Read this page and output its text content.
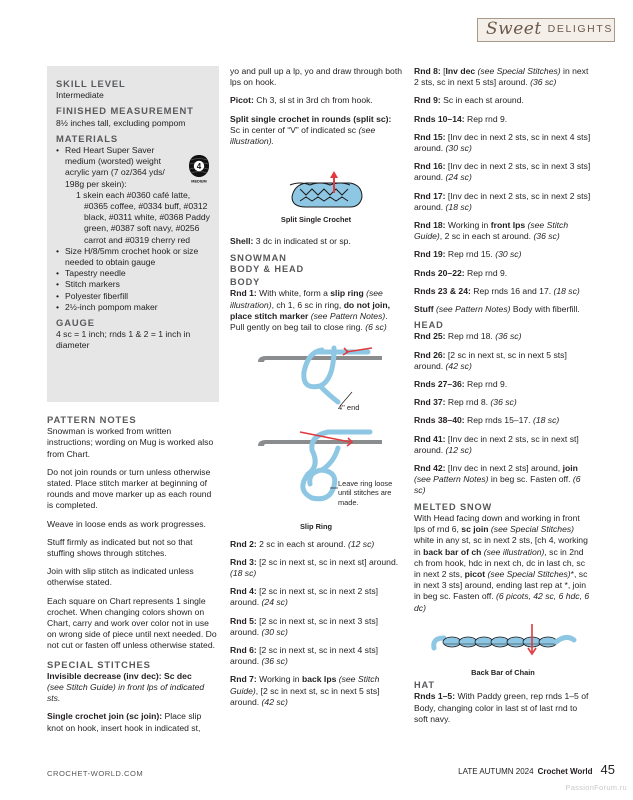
Sweet DELIGHTS
SKILL LEVEL
Intermediate
FINISHED MEASUREMENT
8½ inches tall, excluding pompom
MATERIALS
4
MEDIUM
• Red Heart Super Saver medium (worsted) weight acrylic yarn (7 oz/364 yds/ 198g per skein):
1 skein each #0360 café latte, #0365 coffee, #0334 buff, #0312 black, #0311 white, #0368 Paddy green, #0387 soft navy, #0256 carrot and #0319 cherry red
• Size H/8/5mm crochet hook or size needed to obtain gauge
• Tapestry needle
• Stitch markers
• Polyester fiberfill
• 2½-inch pompom maker
GAUGE
4 sc = 1 inch; rnds 1 & 2 = 1 inch in diameter
PATTERN NOTES

Snowman is worked from written instructions; wording on Mug is worked also from Chart.

Do not join rounds or turn unless otherwise stated. Place stitch marker at beginning of rounds and move marker up as each round is completed.

Weave in loose ends as work progresses.

Stuff firmly as indicated but not so that stuffing shows through stitches.

Join with slip stitch as indicated unless otherwise stated.

Each square on Chart represents 1 single crochet. When changing colors shown on Chart, carry and work over color not in use on wrong side of piece until next needed. Do not cut or fasten off unless otherwise stated.

SPECIAL STITCHES

Invisible decrease (inv dec): Sc dec
(see Stitch Guide) in front lps of indicated sts.

Single crochet join (sc join): Place slip knot on hook, insert hook in indicated st,

yo and pull up a lp, yo and draw through both lps on hook.

Picot: Ch 3, sl st in 3rd ch from hook.

Split single crochet in rounds (split sc): Sc in center of “V” of indicated sc (see illustration).

Split Single Crochet

Shell: 3 dc in indicated st or sp.

SNOWMAN
BODY & HEAD
BODY

Rnd 1: With white, form a slip ring (see illustration), ch 1, 6 sc in ring, do not join, place stitch marker (see Pattern Notes). Pull gently on beg tail to close ring. (6 sc)

4" end
Leave ring loose until stitches are made.
Slip Ring

Rnd 2: 2 sc in each st around. (12 sc)

Rnd 3: [2 sc in next st, sc in next st] around. (18 sc)

Rnd 4: [2 sc in next st, sc in next 2 sts] around. (24 sc)

Rnd 5: [2 sc in next st, sc in next 3 sts] around. (30 sc)

Rnd 6: [2 sc in next st, sc in next 4 sts] around. (36 sc)

Rnd 7: Working in back lps (see Stitch Guide), [2 sc in next st, sc in next 5 sts] around. (42 sc)

Rnd 8: [Inv dec (see Special Stitches) in next 2 sts, sc in next 5 sts] around. (36 sc)

Rnd 9: Sc in each st around.

Rnds 10–14: Rep rnd 9.

Rnd 15: [Inv dec in next 2 sts, sc in next 4 sts] around. (30 sc)

Rnd 16: [Inv dec in next 2 sts, sc in next 3 sts] around. (24 sc)

Rnd 17: [Inv dec in next 2 sts, sc in next 2 sts] around. (18 sc)

Rnd 18: Working in front lps (see Stitch Guide), 2 sc in each st around. (36 sc)

Rnd 19: Rep rnd 15. (30 sc)

Rnds 20–22: Rep rnd 9.

Rnds 23 & 24: Rep rnds 16 and 17. (18 sc)

Stuff (see Pattern Notes) Body with fiberfill.

HEAD

Rnd 25: Rep rnd 18. (36 sc)

Rnd 26: [2 sc in next st, sc in next 5 sts] around. (42 sc)

Rnds 27–36: Rep rnd 9.

Rnd 37: Rep rnd 8. (36 sc)

Rnds 38–40: Rep rnds 15–17. (18 sc)

Rnd 41: [Inv dec in next 2 sts, sc in next st] around. (12 sc)

Rnd 42: [Inv dec in next 2 sts] around, join (see Pattern Notes) in beg sc. Fasten off. (6 sc)

MELTED SNOW

With Head facing down and working in front lps of rnd 6, sc join (see Special Stitches) white in any st, sc in next 2 sts, [ch 4, working in back bar of ch (see illustration), sc in 2nd ch from hook, hdc in next ch, dc in last ch, sc in next 2 sts, picot (see Special Stitches)*, sc in next 3 sts] around, ending last rep at *, join in beg sc. Fasten off. (6 picots, 42 sc, 6 hdc, 6 dc)

Back Bar of Chain
HAT

Rnds 1–5: With Paddy green, rep rnds 1–5 of Body, changing color in last st of last rnd to soft navy.

CROCHET-WORLD.COM	LATE AUTUMN 2024 Crochet World 45
PassionForum.ru
